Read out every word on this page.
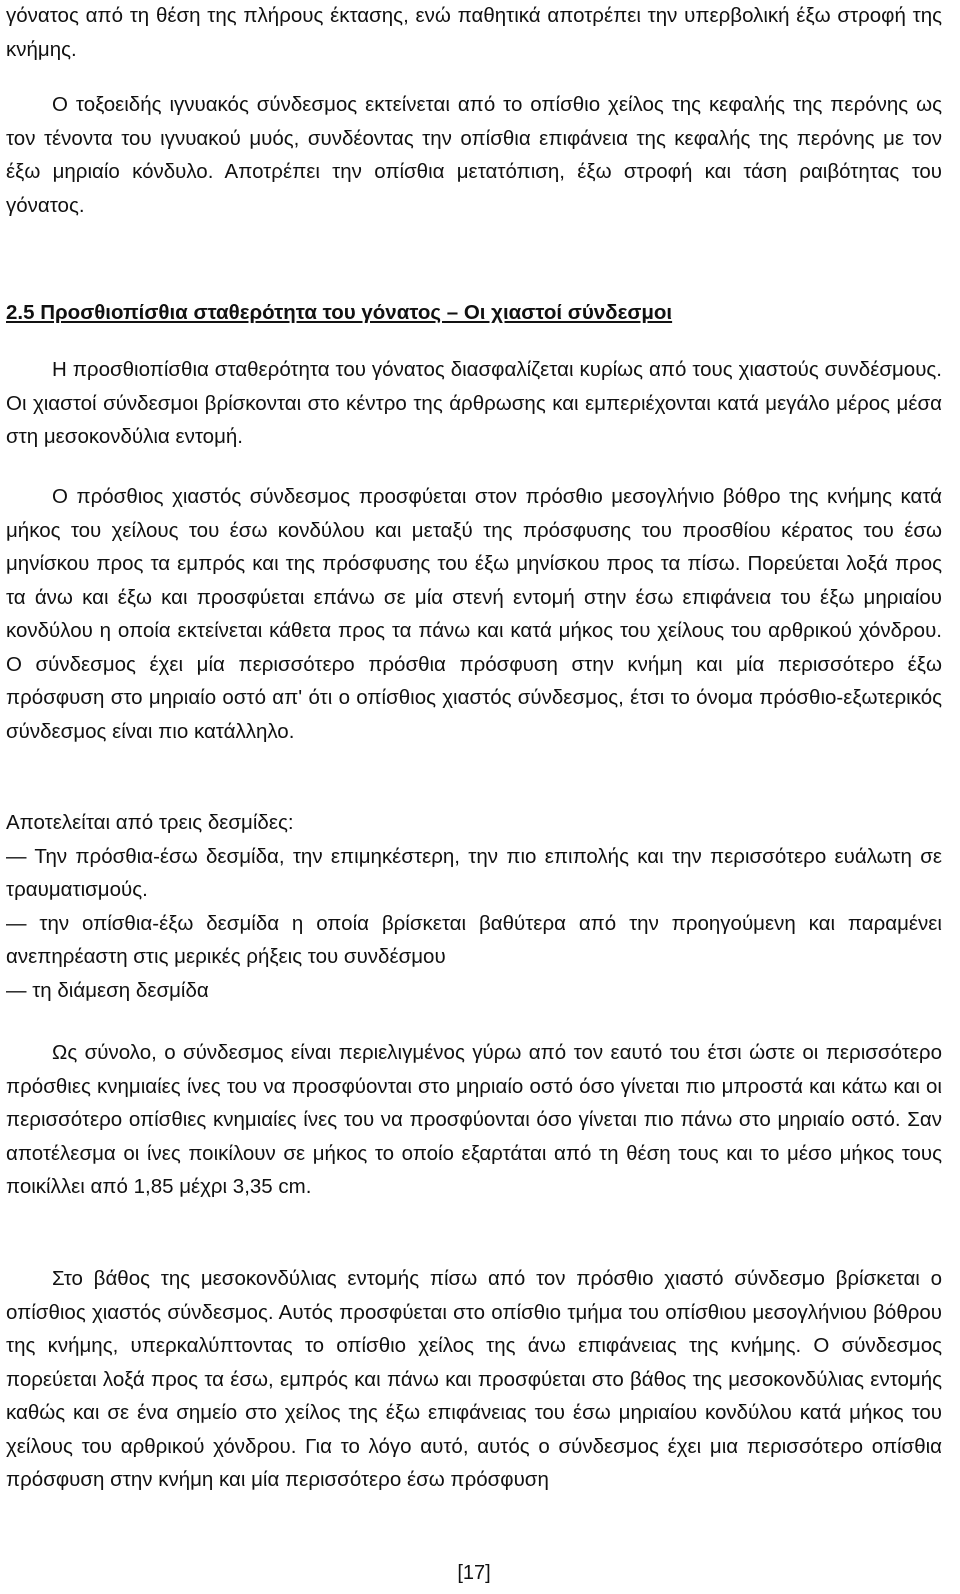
γόνατος από τη θέση της πλήρους έκτασης, ενώ παθητικά αποτρέπει την υπερβολική έξω στροφή της κνήμης.

Ο τοξοειδής ιγνυακός σύνδεσμος εκτείνεται από το οπίσθιο χείλος της κεφαλής της περόνης ως τον τένοντα του ιγνυακού μυός, συνδέοντας την οπίσθια επιφάνεια της κεφαλής της περόνης με τον έξω μηριαίο κόνδυλο. Αποτρέπει την οπίσθια μετατόπιση, έξω στροφή και τάση ραιβότητας του γόνατος.

2.5 Προσθιοπίσθια σταθερότητα του γόνατος – Οι χιαστοί σύνδεσμοι

Η προσθιοπίσθια σταθερότητα του γόνατος διασφαλίζεται κυρίως από τους χιαστούς συνδέσμους. Οι χιαστοί σύνδεσμοι βρίσκονται στο κέντρο της άρθρωσης και εμπεριέχονται κατά μεγάλο μέρος μέσα στη μεσοκονδύλια εντομή.

Ο πρόσθιος χιαστός σύνδεσμος προσφύεται στον πρόσθιο μεσογλήνιο βόθρο της κνήμης κατά μήκος του χείλους του έσω κονδύλου και μεταξύ της πρόσφυσης του προσθίου κέρατος του έσω μηνίσκου προς τα εμπρός και της πρόσφυσης του έξω μηνίσκου προς τα πίσω. Πορεύεται λοξά προς τα άνω και έξω και προσφύεται επάνω σε μία στενή εντομή στην έσω επιφάνεια του έξω μηριαίου κονδύλου η οποία εκτείνεται κάθετα προς τα πάνω και κατά μήκος του χείλους του αρθρικού χόνδρου. Ο σύνδεσμος έχει μία περισσότερο πρόσθια πρόσφυση στην κνήμη και μία περισσότερο έξω πρόσφυση στο μηριαίο οστό απ' ότι ο οπίσθιος χιαστός σύνδεσμος, έτσι το όνομα πρόσθιο-εξωτερικός σύνδεσμος είναι πιο κατάλληλο.

Αποτελείται από τρεις δεσμίδες:

— Την πρόσθια-έσω δεσμίδα, την επιμηκέστερη, την πιο επιπολής και την περισσότερο ευάλωτη σε τραυματισμούς.

— την οπίσθια-έξω δεσμίδα η οποία βρίσκεται βαθύτερα από την προηγούμενη και παραμένει ανεπηρέαστη στις μερικές ρήξεις του συνδέσμου

— τη διάμεση δεσμίδα

Ως σύνολο, ο σύνδεσμος είναι περιελιγμένος γύρω από τον εαυτό του έτσι ώστε οι περισσότερο πρόσθιες κνημιαίες ίνες του να προσφύονται στο μηριαίο οστό όσο γίνεται πιο μπροστά και κάτω και οι περισσότερο οπίσθιες κνημιαίες ίνες του να προσφύονται όσο γίνεται πιο πάνω στο μηριαίο οστό. Σαν αποτέλεσμα οι ίνες ποικίλουν σε μήκος το οποίο εξαρτάται από τη θέση τους και το μέσο μήκος τους ποικίλλει από 1,85 μέχρι 3,35 cm.

Στο βάθος της μεσοκονδύλιας εντομής πίσω από τον πρόσθιο χιαστό σύνδεσμο βρίσκεται ο οπίσθιος χιαστός σύνδεσμος. Αυτός προσφύεται στο οπίσθιο τμήμα του οπίσθιου μεσογλήνιου βόθρου της κνήμης, υπερκαλύπτοντας το οπίσθιο χείλος της άνω επιφάνειας της κνήμης. Ο σύνδεσμος πορεύεται λοξά προς τα έσω, εμπρός και πάνω και προσφύεται στο βάθος της μεσοκονδύλιας εντομής καθώς και σε ένα σημείο στο χείλος της έξω επιφάνειας του έσω μηριαίου κονδύλου κατά μήκος του χείλους του αρθρικού χόνδρου. Για το λόγο αυτό, αυτός ο σύνδεσμος έχει μια περισσότερο οπίσθια πρόσφυση στην κνήμη και μία περισσότερο έσω πρόσφυση

[17]
